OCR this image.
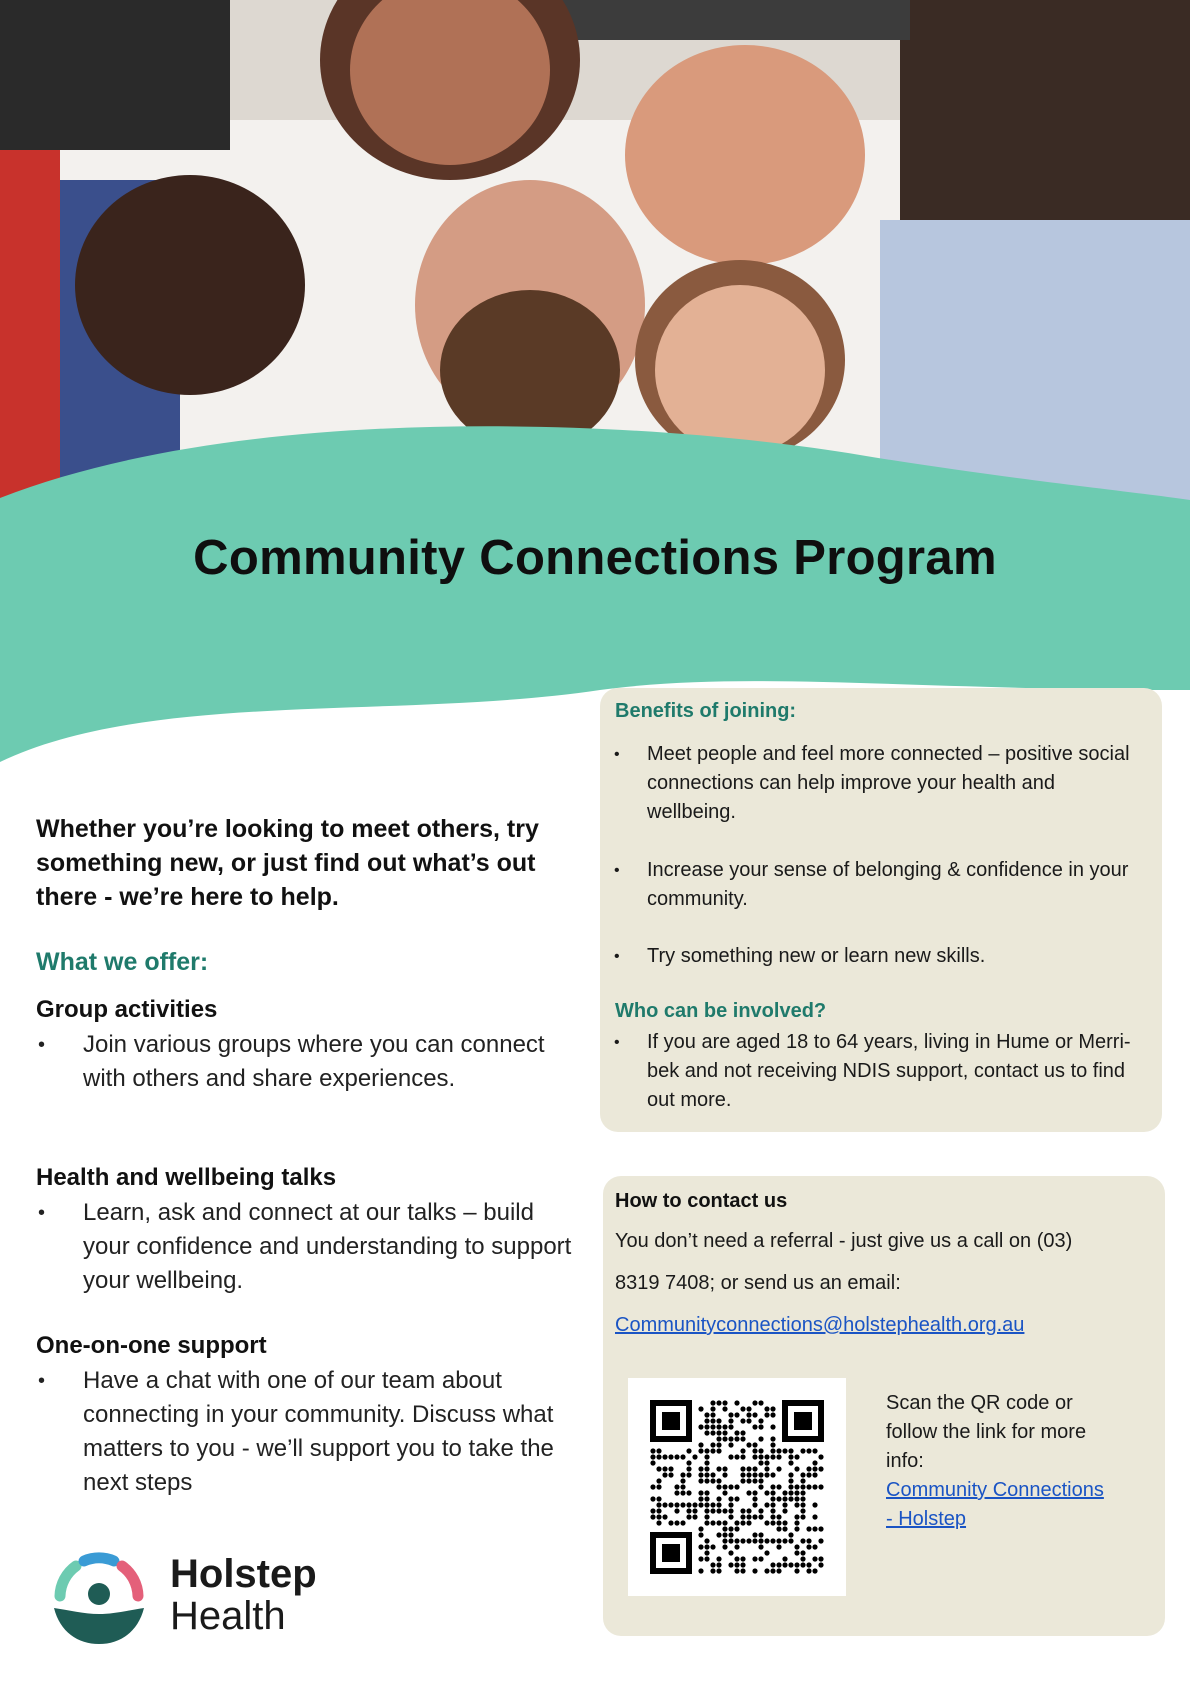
Community Connections Program
Whether you’re looking to meet others, try something new, or just find out what’s out there - we’re here to help.
What we offer:
Group activities
•	Join various groups where you can connect with others and share experiences.
Health and wellbeing talks
•	Learn, ask and connect at our talks – build your confidence and understanding to support your wellbeing.
One-on-one support
•	Have a chat with one of our team about connecting in your community. Discuss what matters to you - we’ll support you to take the next steps
Benefits of joining:
•	Meet people and feel more connected – positive social connections can help improve your health and wellbeing.
•	Increase your sense of belonging & confidence in your community.
•	Try something new or learn new skills.
Who can be involved?
•	If you are aged 18 to 64 years, living in Hume or Merri-bek and not receiving NDIS support, contact us to find out more.
How to contact us
You don’t need a referral - just give us a call on (03)
8319 7408; or send us an email:
Communityconnections@holstephealth.org.au
Scan the QR code or follow the link for more info:
Community Connections - Holstep
Holstep
Health
